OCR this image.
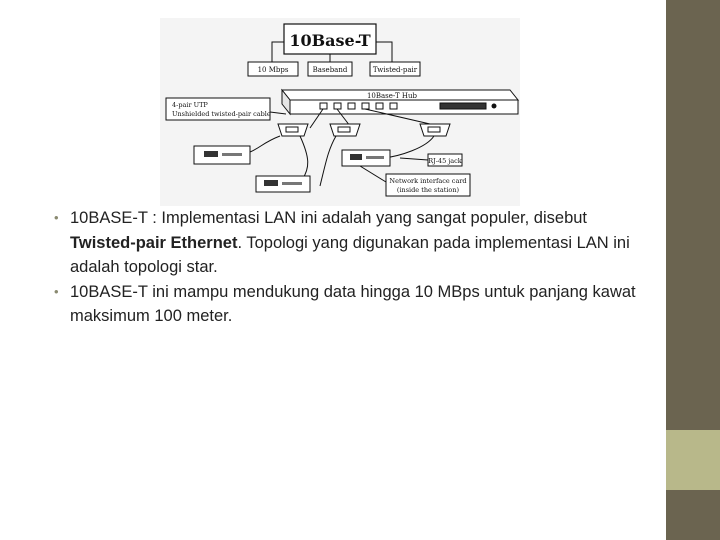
10Base-T
10 Mbps	Baseband	Twisted-pair
10Base-T Hub
4-pair UTP
Unshielded twisted-pair cable
RJ-45 jack
Network interface card
(inside the station)
• 10BASE-T : Implementasi LAN ini adalah yang sangat populer, disebut Twisted-pair Ethernet. Topologi yang digunakan pada implementasi LAN ini adalah topologi star.
• 10BASE-T ini mampu mendukung data hingga 10 MBps untuk panjang kawat maksimum 100 meter.
